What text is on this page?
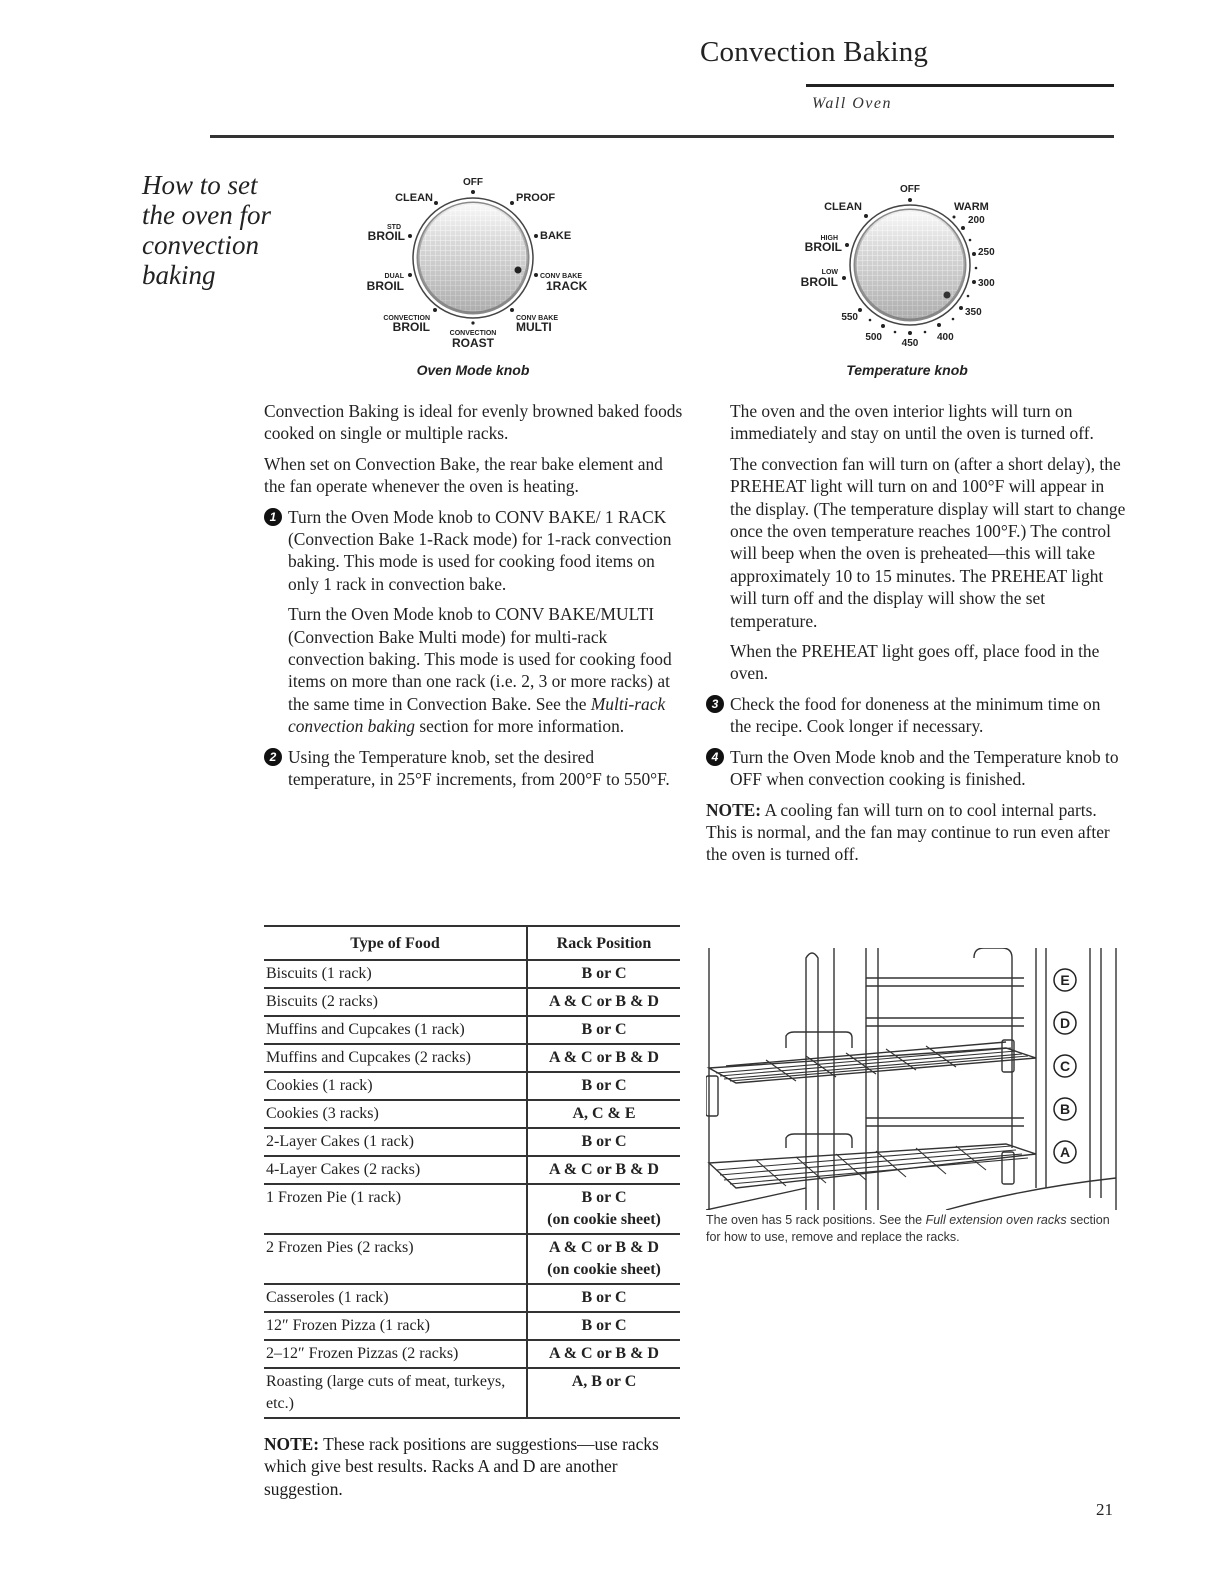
Convection Baking
Wall Oven
How to set
the oven for
convection
baking
OFF
CLEAN	PROOF
STD
BROIL	BAKE
DUAL
BROIL
CONV BAKE
1RACK
CONVECTION
BROIL
CONV BAKE
MULTI
CONVECTION
ROAST
Oven Mode knob
OFF
CLEAN	WARM
200
HIGH
BROIL	250
LOW
BROIL	300
350
550
500
450
400
Temperature knob

Convection Baking is ideal for evenly browned baked foods cooked on single or multiple racks.

When set on Convection Bake, the rear bake element and the fan operate whenever the oven is heating.

1 Turn the Oven Mode knob to CONV BAKE/ 1 RACK (Convection Bake 1-Rack mode) for 1-rack convection baking. This mode is used for cooking food items on only 1 rack in convection bake.

Turn the Oven Mode knob to CONV BAKE/MULTI (Convection Bake Multi mode) for multi-rack convection baking. This mode is used for cooking food items on more than one rack (i.e. 2, 3 or more racks) at the same time in Convection Bake. See the Multi-rack convection baking section for more information.

2 Using the Temperature knob, set the desired temperature, in 25°F increments, from 200°F to 550°F.
Type of Food	Rack Position
Biscuits (1 rack)	B or C

Biscuits (2 racks)	A & C or B & D

Muffins and Cupcakes (1 rack)	B or C

Muffins and Cupcakes (2 racks)	A & C or B & D

Cookies (1 rack)	B or C

Cookies (3 racks)	A, C & E

2-Layer Cakes (1 rack)	B or C

4-Layer Cakes (2 racks)	A & C or B & D

1 Frozen Pie (1 rack)	B or C
(on cookie sheet)

2 Frozen Pies (2 racks)	A & C or B & D
(on cookie sheet)

Casseroles (1 rack)	B or C

12″ Frozen Pizza (1 rack)	B or C

2–12″ Frozen Pizzas (2 racks)	A & C or B & D

Roasting (large cuts of meat, turkeys, etc.)	A, B or C
NOTE: These rack positions are suggestions—use racks which give best results. Racks A and D are another suggestion.

The oven and the oven interior lights will turn on immediately and stay on until the oven is turned off.

The convection fan will turn on (after a short delay), the PREHEAT light will turn on and 100°F will appear in the display. (The temperature display will start to change once the oven temperature reaches 100°F.) The control will beep when the oven is preheated—this will take approximately 10 to 15 minutes. The PREHEAT light will turn off and the display will show the set temperature.

When the PREHEAT light goes off, place food in the oven.

3 Check the food for doneness at the minimum time on the recipe. Cook longer if necessary.
4 Turn the Oven Mode knob and the Temperature knob to OFF when convection cooking is finished.

NOTE: A cooling fan will turn on to cool internal parts. This is normal, and the fan may continue to run even after the oven is turned off.

E
D
C
B
A
The oven has 5 rack positions. See the Full extension oven racks section for how to use, remove and replace the racks.
21
